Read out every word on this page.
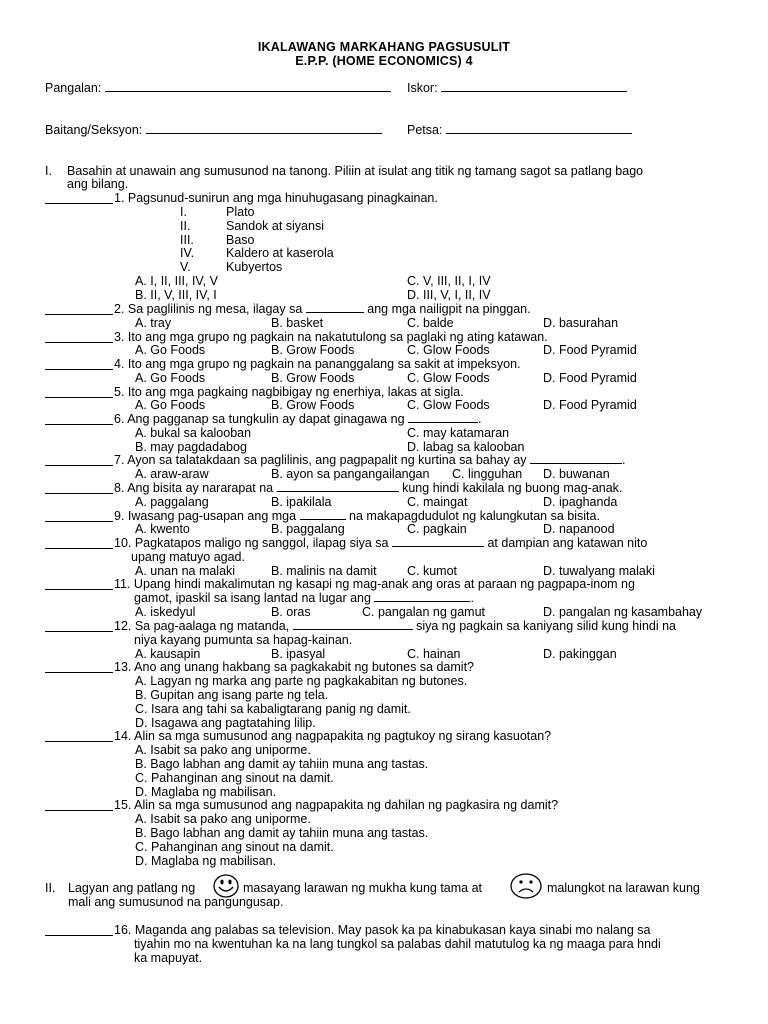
IKALAWANG MARKAHANG PAGSUSULIT
E.P.P. (HOME ECONOMICS) 4
Pangalan:	Iskor:
Baitang/Seksyon:	Petsa:
I. Basahin at unawain ang sumusunod na tanong. Piliin at isulat ang titik ng tamang sagot sa patlang bago
ang bilang.
1. Pagsunud-sunirun ang mga hinuhugasang pinagkainan.
I.	Plato
II.	Sandok at siyansi
III.	Baso
IV.	Kaldero at kaserola
V.	Kubyertos
A. I, II, III, IV, V	C. V, III, II, I, IV
B. II, V, III, IV, I	D. III, V, I, II, IV
2. Sa paglilinis ng mesa, ilagay sa	ang mga nailigpit na pinggan.
A. tray	B. basket	C. balde	D. basurahan
3. Ito ang mga grupo ng pagkain na nakatutulong sa paglaki ng ating katawan.
A. Go Foods	B. Grow Foods	C. Glow Foods	D. Food Pyramid
4. Ito ang mga grupo ng pagkain na pananggalang sa sakit at impeksyon.
A. Go Foods	B. Grow Foods	C. Glow Foods	D. Food Pyramid
5. Ito ang mga pagkaing nagbibigay ng enerhiya, lakas at sigla.
A. Go Foods	B. Grow Foods	C. Glow Foods	D. Food Pyramid
6. Ang pagganap sa tungkulin ay dapat ginagawa ng	.
A. bukal sa kalooban	C. may katamaran
B. may pagdadabog	D. labag sa kalooban
7. Ayon sa talatakdaan sa paglilinis, ang pagpapalit ng kurtina sa bahay ay	.
A. araw-araw	B. ayon sa pangangailangan C. lingguhan D. buwanan
8. Ang bisita ay nararapat na	kung hindi kakilala ng buong mag-anak.
A. paggalang	B. ipakilala	C. maingat	D. ipaghanda
9. Iwasang pag-usapan ang mga	na makapagdudulot ng kalungkutan sa bisita.
A. kwento	B. paggalang	C. pagkain	D. napanood
10. Pagkatapos maligo ng sanggol, ilapag siya sa	at dampian ang katawan nito
upang matuyo agad.
A. unan na malaki	B. malinis na damit C. kumot	D. tuwalyang malaki
11. Upang hindi makalimutan ng kasapi ng mag-anak ang oras at paraan ng pagpapa-inom ng
gamot, ipaskil sa isang lantad na lugar ang	.
A. iskedyul	B. oras	C. pangalan ng gamut	D. pangalan ng kasambahay
12. Sa pag-aalaga ng matanda,	siya ng pagkain sa kaniyang silid kung hindi na
niya kayang pumunta sa hapag-kainan.
A. kausapin	B. ipasyal	C. hainan	D. pakinggan
13. Ano ang unang hakbang sa pagkakabit ng butones sa damit?
A. Lagyan ng marka ang parte ng pagkakabitan ng butones.
B. Gupitan ang isang parte ng tela.
C. Isara ang tahi sa kabaligtarang panig ng damit.
D. Isagawa ang pagtatahing lilip.
14. Alin sa mga sumusunod ang nagpapakita ng pagtukoy ng sirang kasuotan?
A. Isabit sa pako ang uniporme.
B. Bago labhan ang damit ay tahiin muna ang tastas.
C. Pahanginan ang sinout na damit.
D. Maglaba ng mabilisan.
15. Alin sa mga sumusunod ang nagpapakita ng dahilan ng pagkasira ng damit?
A. Isabit sa pako ang uniporme.
B. Bago labhan ang damit ay tahiin muna ang tastas.
C. Pahanginan ang sinout na damit.
D. Maglaba ng mabilisan.
II. Lagyan ang patlang ng	masayang larawan ng mukha kung tama at	malungkot na larawan kung
mali ang sumusunod na pangungusap.
16. Maganda ang palabas sa television. May pasok ka pa kinabukasan kaya sinabi mo nalang sa
tiyahin mo na kwentuhan ka na lang tungkol sa palabas dahil matutulog ka ng maaga para hndi
ka mapuyat.
